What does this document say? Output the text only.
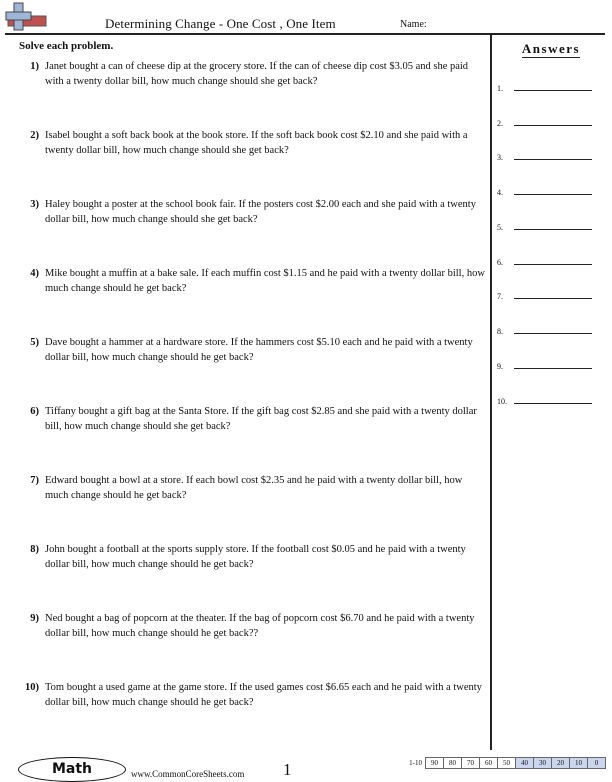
Determining Change - One Cost , One Item	Name:
Solve each problem.
1) Janet bought a can of cheese dip at the grocery store. If the can of cheese dip cost $3.05 and she paid with a twenty dollar bill, how much change should she get back?
2) Isabel bought a soft back book at the book store. If the soft back book cost $2.10 and she paid with a twenty dollar bill, how much change should she get back?
3) Haley bought a poster at the school book fair. If the posters cost $2.00 each and she paid with a twenty dollar bill, how much change should she get back?
4) Mike bought a muffin at a bake sale. If each muffin cost $1.15 and he paid with a twenty dollar bill, how much change should he get back?
5) Dave bought a hammer at a hardware store. If the hammers cost $5.10 each and he paid with a twenty dollar bill, how much change should he get back?
6) Tiffany bought a gift bag at the Santa Store. If the gift bag cost $2.85 and she paid with a twenty dollar bill, how much change should she get back?
7) Edward bought a bowl at a store. If each bowl cost $2.35 and he paid with a twenty dollar bill, how much change should he get back?
8) John bought a football at the sports supply store. If the football cost $0.05 and he paid with a twenty dollar bill, how much change should he get back?
9) Ned bought a bag of popcorn at the theater. If the bag of popcorn cost $6.70 and he paid with a twenty dollar bill, how much change should he get back??
10) Tom bought a used game at the game store. If the used games cost $6.65 each and he paid with a twenty dollar bill, how much change should he get back?
Answers
1.
2.
3.
4.
5.
6.
7.
8.
9.
10.
Math	www.CommonCoreSheets.com 1	1-10	90	80	70	60	50	40	30	20	10	0
